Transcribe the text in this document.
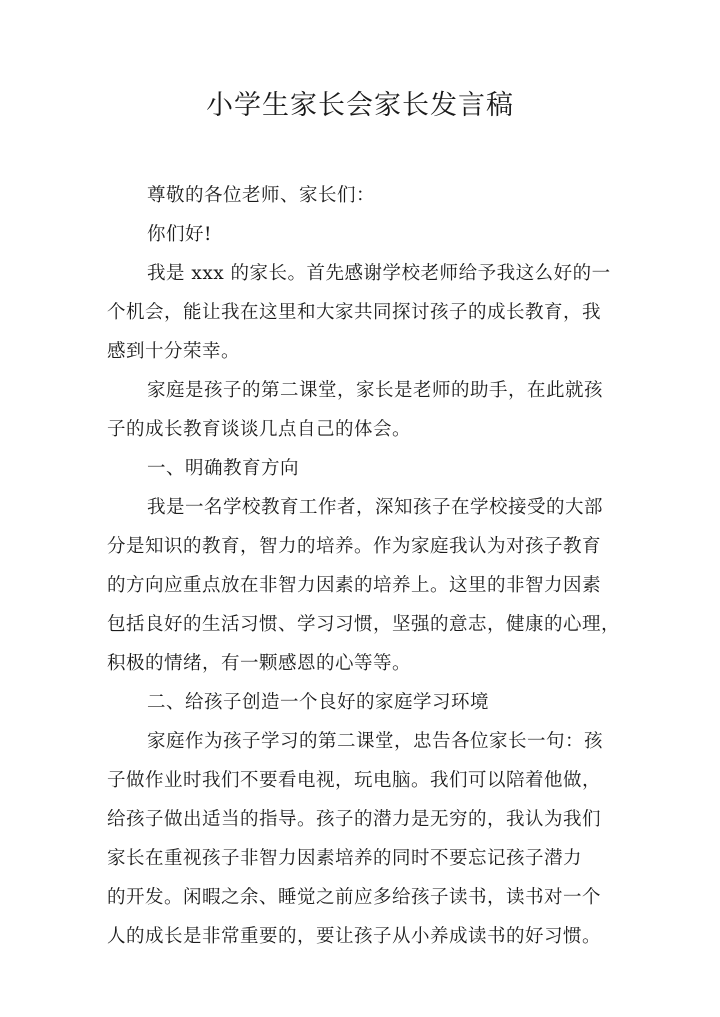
小学生家长会家长发言稿
尊敬的各位老师、家长们：
你们好!
我是 xxx 的家长。首先感谢学校老师给予我这么好的一
个机会，能让我在这里和大家共同探讨孩子的成长教育，我
感到十分荣幸。
家庭是孩子的第二课堂，家长是老师的助手，在此就孩
子的成长教育谈谈几点自己的体会。
一、明确教育方向
我是一名学校教育工作者，深知孩子在学校接受的大部
分是知识的教育，智力的培养。作为家庭我认为对孩子教育
的方向应重点放在非智力因素的培养上。这里的非智力因素
包括良好的生活习惯、学习习惯，坚强的意志，健康的心理，
积极的情绪，有一颗感恩的心等等。
二、给孩子创造一个良好的家庭学习环境
家庭作为孩子学习的第二课堂，忠告各位家长一句：孩
子做作业时我们不要看电视，玩电脑。我们可以陪着他做，
给孩子做出适当的指导。孩子的潜力是无穷的，我认为我们
家长在重视孩子非智力因素培养的同时不要忘记孩子潜力
的开发。闲暇之余、睡觉之前应多给孩子读书，读书对一个
人的成长是非常重要的，要让孩子从小养成读书的好习惯。
